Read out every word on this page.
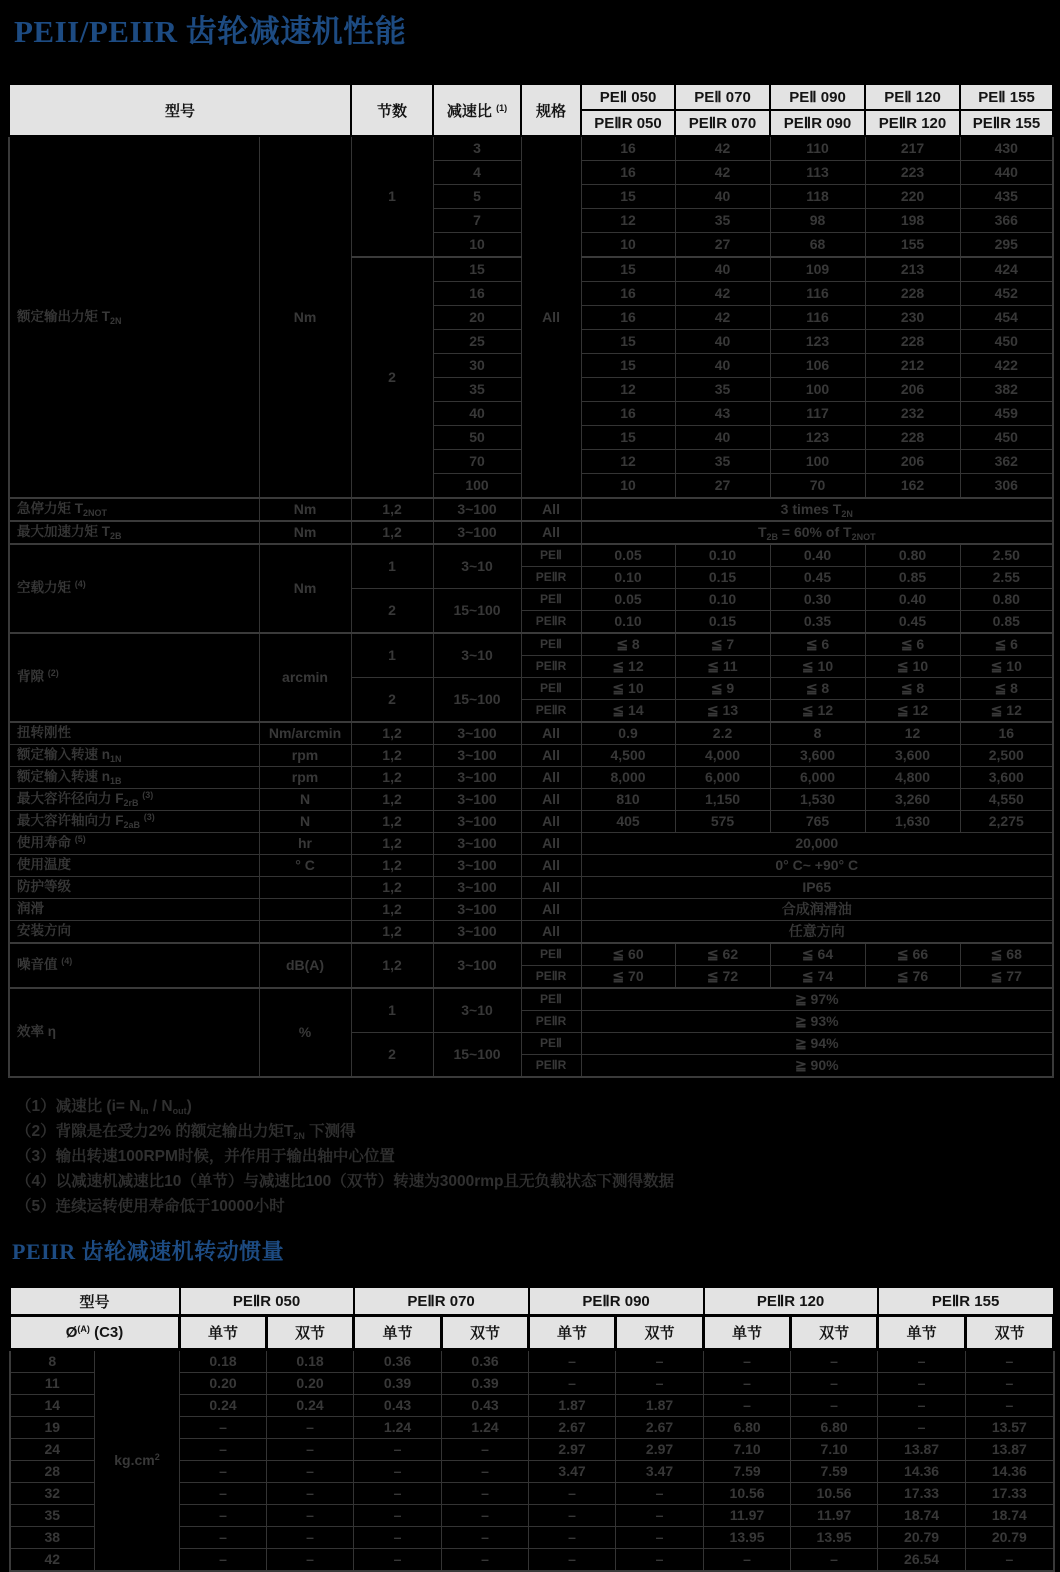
PEII/PEIIR 齿轮减速机性能
型号		节数	减速比 $^{(1)}$	规格	PEⅡ 050	PEⅡ 070	PEⅡ 090	PEⅡ 120	PEⅡ 155
					PEⅡR 050	PEⅡR 070	PEⅡR 090	PEⅡR 120	PEⅡR 155
额定输出力矩 $T_{2N}$	Nm	1	3	All	16	42	110	217	430
			4		16	42	113	223	440
			5		15	40	118	220	435
			7		12	35	98	198	366
			10		10	27	68	155	295
		2	15		15	40	109	213	424
			16		16	42	116	228	452
			20		16	42	116	230	454
			25		15	40	123	228	450
			30		15	40	106	212	422
			35		12	35	100	206	382
			40		16	43	117	232	459
			50		15	40	123	228	450
			70		12	35	100	206	362
			100		10	27	70	162	306
急停力矩 $T_{2NOT}$	Nm	1,2	3~100	All	3 times $T_{2N}$
最大加速力矩 $T_{2B}$	Nm	1,2	3~100	All	$T_{2B} = 60\%$ of $T_{2NOT}$
空载力矩 $^{(4)}$	Nm	1	3~10	PEⅡ	0.05	0.10	0.40	0.80	2.50
				PEⅡR	0.10	0.15	0.45	0.85	2.55
		2	15~100	PEⅡ	0.05	0.10	0.30	0.40	0.80
				PEⅡR	0.10	0.15	0.35	0.45	0.85
背隙 $^{(2)}$	arcmin	1	3~10	PEⅡ	≦ 8	≦ 7	≦ 6	≦ 6	≦ 6
				PEⅡR	≦ 12	≦ 11	≦ 10	≦ 10	≦ 10
		2	15~100	PEⅡ	≦ 10	≦ 9	≦ 8	≦ 8	≦ 8
				PEⅡR	≦ 14	≦ 13	≦ 12	≦ 12	≦ 12
扭转刚性	Nm/arcmin	1,2	3~100	All	0.9	2.2	8	12	16
额定输入转速 $n_{1N}$	rpm	1,2	3~100	All	4,500	4,000	3,600	3,600	2,500
额定输入转速 $n_{1B}$	rpm	1,2	3~100	All	8,000	6,000	6,000	4,800	3,600
最大容许径向力 $F_{2rB}$ $^{(3)}$	N	1,2	3~100	All	810	1,150	1,530	3,260	4,550
最大容许轴向力 $F_{2aB}$ $^{(3)}$	N	1,2	3~100	All	405	575	765	1,630	2,275
使用寿命 $^{(5)}$	hr	1,2	3~100	All	20,000				
使用温度	° C	1,2	3~100	All	0° C~ +90° C				
防护等级		1,2	3~100	All	IP65				
润滑		1,2	3~100	All	合成润滑油				
安装方向		1,2	3~100	All	任意方向				
噪音值 $^{(4)}$	dB(A)	1,2	3~100	PEⅡ	≦ 60	≦ 62	≦ 64	≦ 66	≦ 68
				PEⅡR	≦ 70	≦ 72	≦ 74	≦ 76	≦ 77
效率 η	%	1	3~10	PEⅡ	≧ 97%				
				PEⅡR	≧ 93%				
		2	15~100	PEⅡ	≧ 94%				
				PEⅡR	≧ 90%				
（1）减速比 $(i= N_{in} / N_{out})$
（2）背隙是在受力2% 的额定输出力矩$T_{2N}$ 下测得
（3）输出转速100RPM时候，并作用于输出轴中心位置
（4）以减速机减速比10（单节）与减速比100（双节）转速为3000rmp且无负载状态下测得数据
（5）连续运转使用寿命低于10000小时
PEIIR 齿轮减速机转动惯量
型号		PEⅡR 050		PEⅡR 070		PEⅡR 090		PEⅡR 120		PEⅡR 155	
$Ø^{(A)}$ (C3)		单节	双节	单节	双节	单节	双节	单节	双节	单节	双节
8	$kg.cm^2$	0.18	0.18	0.36	0.36	–	–	–	–	–	–
11		0.20	0.20	0.39	0.39	–	–	–	–	–	–
14		0.24	0.24	0.43	0.43	1.87	1.87	–	–	–	–
19		–	–	1.24	1.24	2.67	2.67	6.80	6.80	–	13.57
24		–	–	–	–	2.97	2.97	7.10	7.10	13.87	13.87
28		–	–	–	–	3.47	3.47	7.59	7.59	14.36	14.36
32		–	–	–	–	–	–	10.56	10.56	17.33	17.33
35		–	–	–	–	–	–	11.97	11.97	18.74	18.74
38		–	–	–	–	–	–	13.95	13.95	20.79	20.79
42		–	–	–	–	–	–	–	–	26.54	–
